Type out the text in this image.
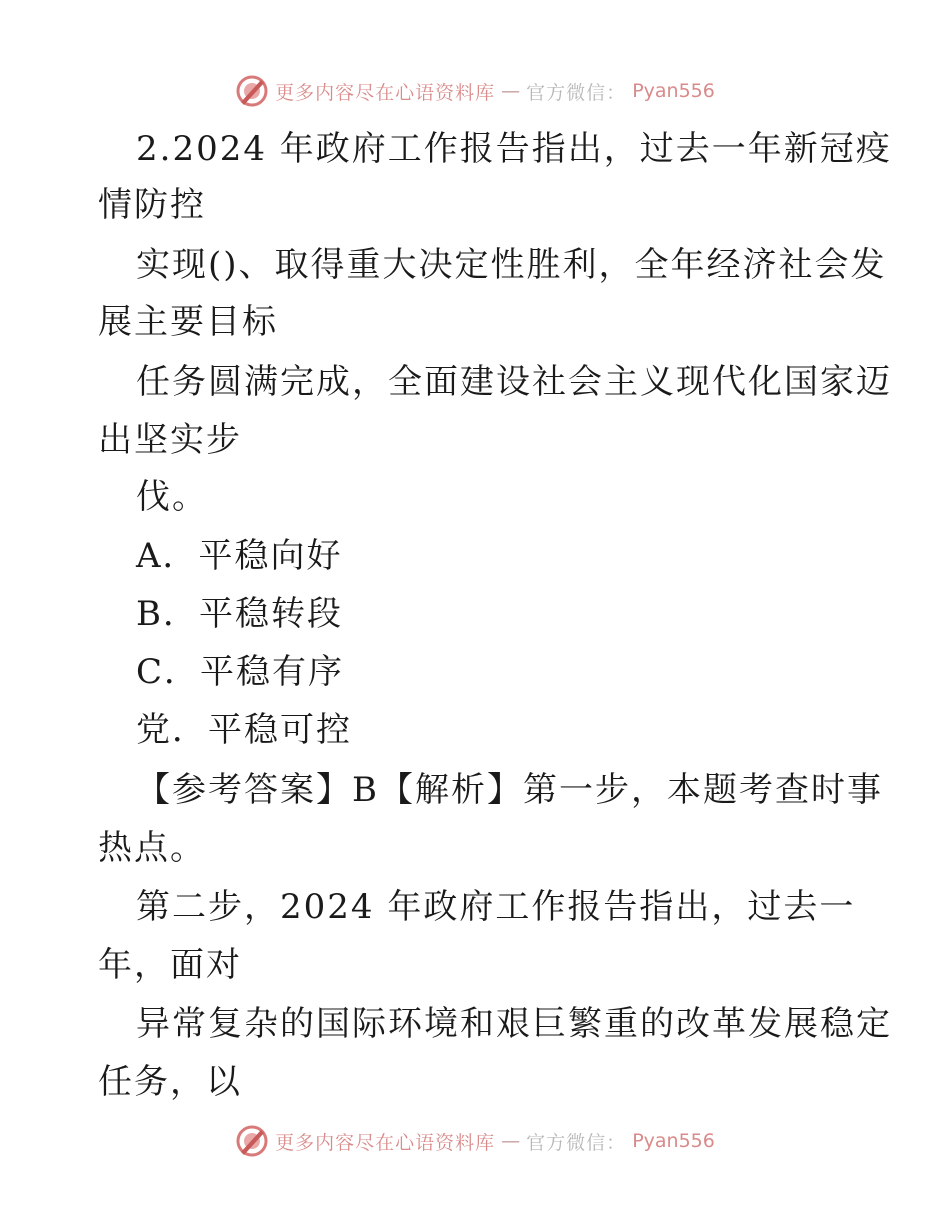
更多内容尽在心语资料库 — 官方微信： Pyan556
2.2024 年政府工作报告指出，过去一年新冠疫
情防控
实现()、取得重大决定性胜利，全年经济社会发
展主要目标
任务圆满完成，全面建设社会主义现代化国家迈
出坚实步
伐。
A．平稳向好
B．平稳转段
C．平稳有序
党．平稳可控
【参考答案】B【解析】第一步，本题考查时事
热点。
第二步，2024 年政府工作报告指出，过去一
年，面对
异常复杂的国际环境和艰巨繁重的改革发展稳定
任务，以
更多内容尽在心语资料库 — 官方微信： Pyan556
